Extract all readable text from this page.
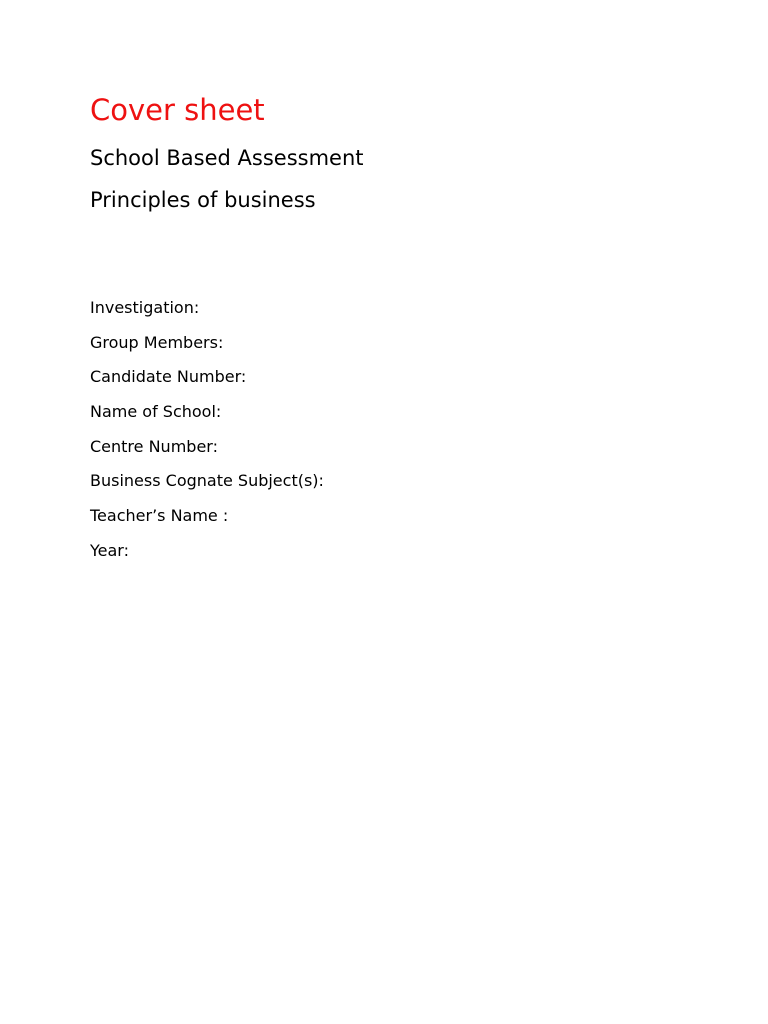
Cover sheet
School Based Assessment
Principles of business
Investigation:
Group Members:
Candidate Number:
Name of School:
Centre Number:
Business Cognate Subject(s):
Teacher’s Name :
Year:
